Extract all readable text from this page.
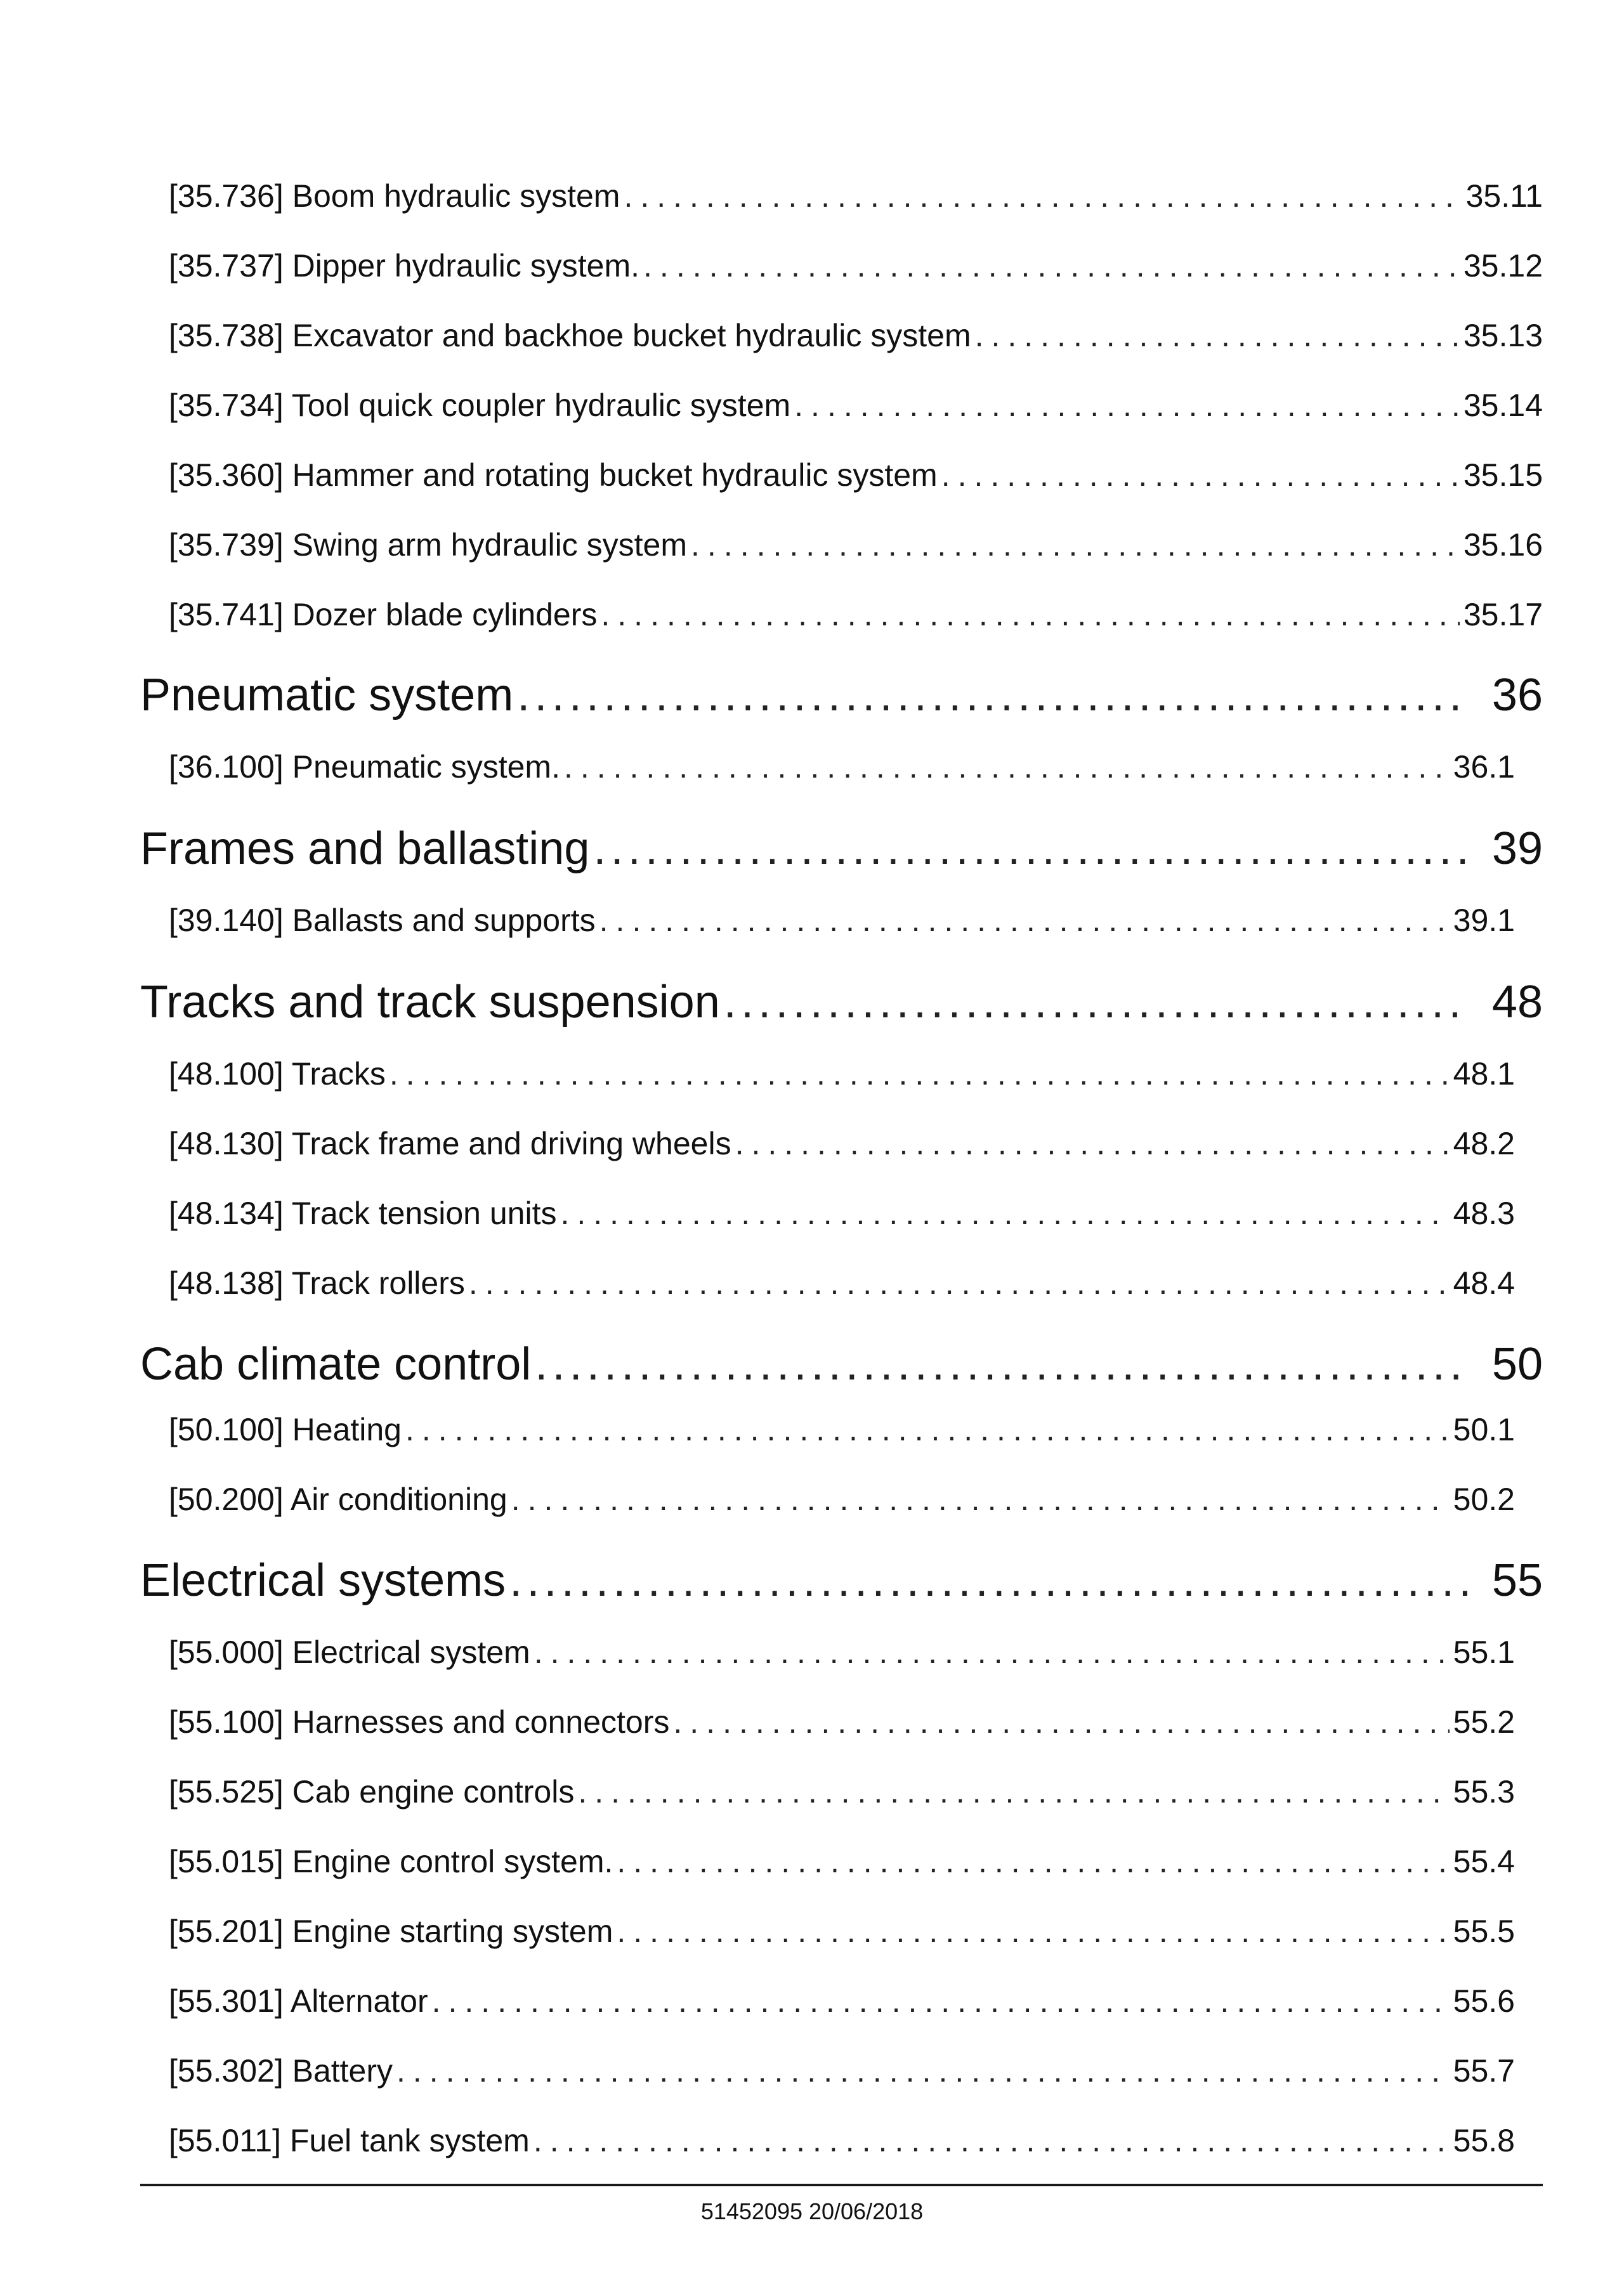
[35.736] Boom hydraulic system .....	35.11
[35.737] Dipper hydraulic system. .....	35.12
[35.738] Excavator and backhoe bucket hydraulic system .....	35.13
[35.734] Tool quick coupler hydraulic system .....	35.14
[35.360] Hammer and rotating bucket hydraulic system .....	35.15
[35.739] Swing arm hydraulic system .....	35.16
[35.741] Dozer blade cylinders .....	35.17
Pneumatic system .....	36
[36.100] Pneumatic system. .....	36.1
Frames and ballasting .....	39
[39.140] Ballasts and supports .....	39.1
Tracks and track suspension .....	48
[48.100] Tracks .....	48.1
[48.130] Track frame and driving wheels .....	48.2
[48.134] Track tension units .....	48.3
[48.138] Track rollers .....	48.4
Cab climate control .....	50
[50.100] Heating .....	50.1
[50.200] Air conditioning .....	50.2
Electrical systems .....	55
[55.000] Electrical system .....	55.1
[55.100] Harnesses and connectors .....	55.2
[55.525] Cab engine controls .....	55.3
[55.015] Engine control system. .....	55.4
[55.201] Engine starting system .....	55.5
[55.301] Alternator .....	55.6
[55.302] Battery .....	55.7
[55.011] Fuel tank system .....	55.8
51452095 20/06/2018
